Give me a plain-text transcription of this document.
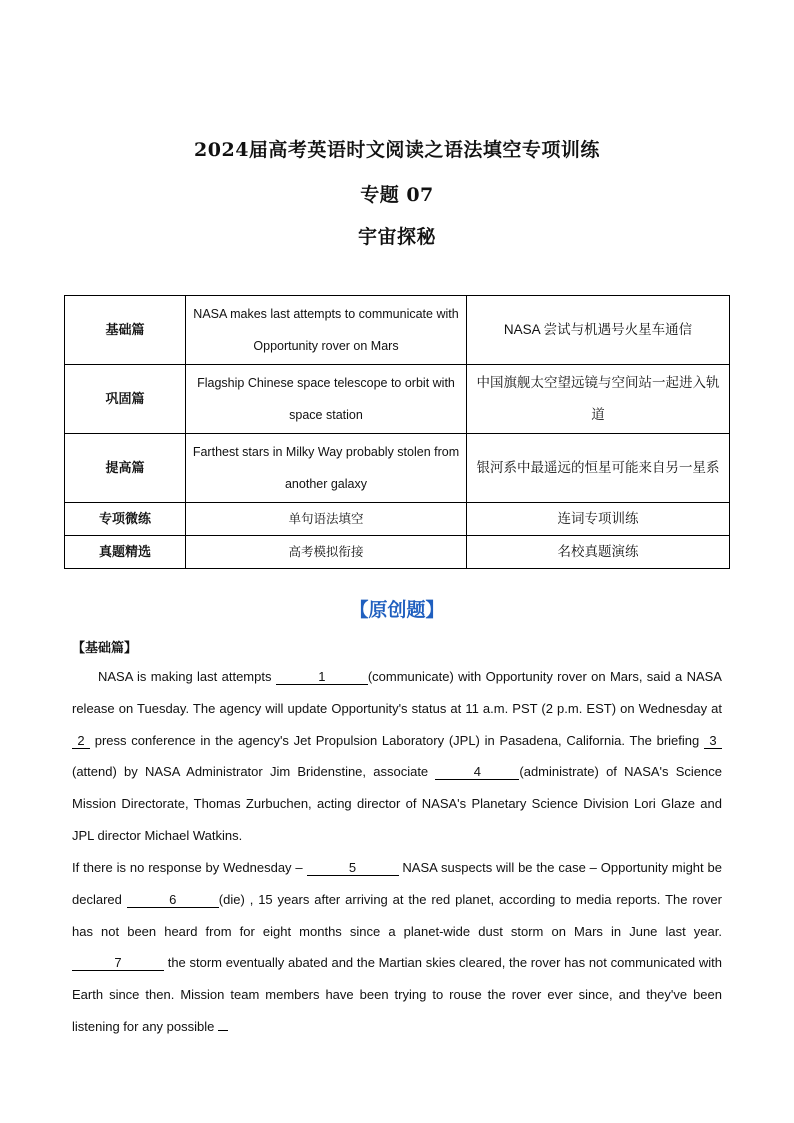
2024届高考英语时文阅读之语法填空专项训练
专题 07
宇宙探秘
基础篇	NASA makes last attempts to communicate with Opportunity rover on Mars	NASA 尝试与机遇号火星车通信
巩固篇	Flagship Chinese space telescope to orbit with space station	中国旗舰太空望远镜与空间站一起进入轨道
提高篇	Farthest stars in Milky Way probably stolen from another galaxy	银河系中最遥远的恒星可能来自另一星系
专项微练	单句语法填空	连词专项训练
真题精选	高考模拟衔接	名校真题演练
【原创题】
【基础篇】
NASA is making last attempts	1	(communicate) with Opportunity rover on Mars, said a NASA release on Tuesday. The agency will update Opportunity's status at 11 a.m. PST (2 p.m. EST) on Wednesday at 2 press conference in the agency's Jet Propulsion Laboratory (JPL) in Pasadena, California. The briefing 3(attend) by NASA Administrator Jim Bridenstine, associate	4	(administrate) of NASA's Science Mission Directorate, Thomas Zurbuchen, acting director of NASA's Planetary Science Division Lori Glaze and JPL director Michael Watkins.
If there is no response by Wednesday –	5	NASA suspects will be the case – Opportunity might be declared	6	(die) , 15 years after arriving at the red planet, according to media reports. The rover has not been heard from for eight months since a planet-wide dust storm on Mars in June last year. 7	the storm eventually abated and the Martian skies cleared, the rover has not communicated with Earth since then. Mission team members have been trying to rouse the rover ever since, and they've been listening for any possible
